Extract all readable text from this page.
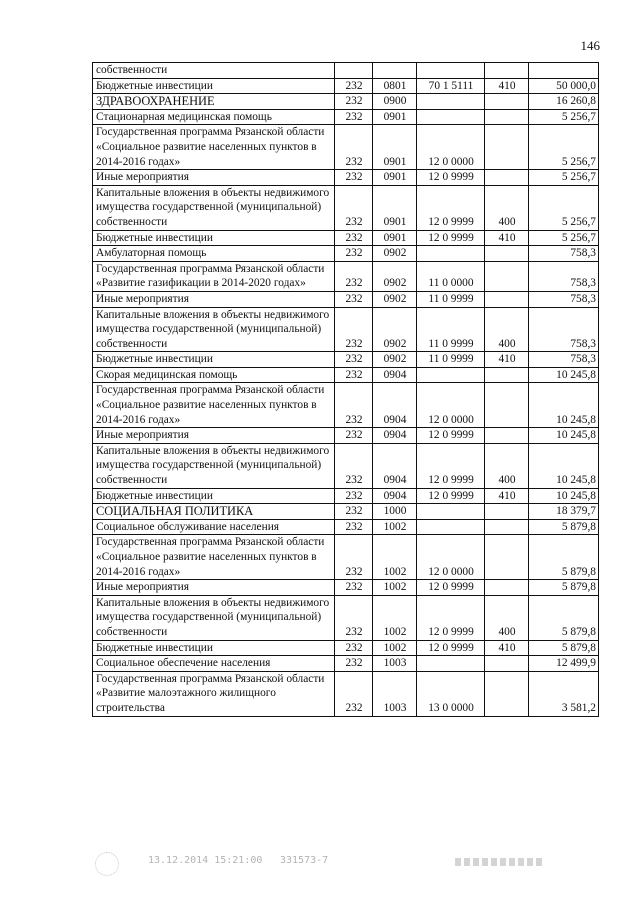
146
собственности					
Бюджетные инвестиции	232	0801	70 1 5111	410	50 000,0
ЗДРАВООХРАНЕНИЕ	232	0900			16 260,8
Стационарная медицинская помощь	232	0901			5 256,7
Государственная программа Рязанской области «Социальное развитие населенных пунктов в 2014-2016 годах»	232	0901	12 0 0000		5 256,7
Иные мероприятия	232	0901	12 0 9999		5 256,7
Капитальные вложения в объекты недвижимого имущества государственной (муниципальной) собственности	232	0901	12 0 9999	400	5 256,7
Бюджетные инвестиции	232	0901	12 0 9999	410	5 256,7
Амбулаторная помощь	232	0902			758,3
Государственная программа Рязанской области «Развитие газификации в 2014-2020 годах»	232	0902	11 0 0000		758,3
Иные мероприятия	232	0902	11 0 9999		758,3
Капитальные вложения в объекты недвижимого имущества государственной (муниципальной) собственности	232	0902	11 0 9999	400	758,3
Бюджетные инвестиции	232	0902	11 0 9999	410	758,3
Скорая медицинская помощь	232	0904			10 245,8
Государственная программа Рязанской области «Социальное развитие населенных пунктов в 2014-2016 годах»	232	0904	12 0 0000		10 245,8
Иные мероприятия	232	0904	12 0 9999		10 245,8
Капитальные вложения в объекты недвижимого имущества государственной (муниципальной) собственности	232	0904	12 0 9999	400	10 245,8
Бюджетные инвестиции	232	0904	12 0 9999	410	10 245,8
СОЦИАЛЬНАЯ ПОЛИТИКА	232	1000			18 379,7
Социальное обслуживание населения	232	1002			5 879,8
Государственная программа Рязанской области «Социальное развитие населенных пунктов в 2014-2016 годах»	232	1002	12 0 0000		5 879,8
Иные мероприятия	232	1002	12 0 9999		5 879,8
Капитальные вложения в объекты недвижимого имущества государственной (муниципальной) собственности	232	1002	12 0 9999	400	5 879,8
Бюджетные инвестиции	232	1002	12 0 9999	410	5 879,8
Социальное обеспечение населения	232	1003			12 499,9
Государственная программа Рязанской области «Развитие малоэтажного жилищного строительства	232	1003	13 0 0000		3 581,2
13.12.2014 15:21:00 331573-7
